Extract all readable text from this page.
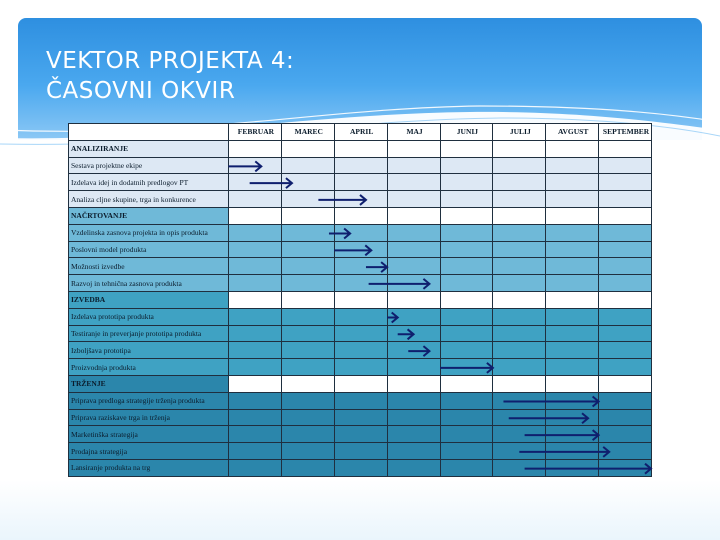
VEKTOR PROJEKTA 4:
ČASOVNI OKVIR
	FEBRUAR	MAREC	APRIL	MAJ	JUNIJ	JULIJ	AVGUST	SEPTEMBER
ANALIZIRANJE								
Sestava projektne ekipe								
Izdelava idej in dodatnih predlogov PT								
Analiza cljne skupine, trga in konkurence								
NAČRTOVANJE								
Vzdelinska zasnova projekta in opis produkta								
Poslovni model produkta								
Možnosti izvedbe								
Razvoj in tehnična zasnova produkta								
IZVEDBA								
Izdelava prototipa produkta								
Testiranje in preverjanje prototipa produkta								
Izboljšava prototipa								
Proizvodnja produkta								
TRŽENJE								
Priprava predloga strategije trženja produkta								
Priprava raziskave trga in trženja								
Marketinška strategija								
Prodajna strategija								
Lansiranje produkta na trg								
